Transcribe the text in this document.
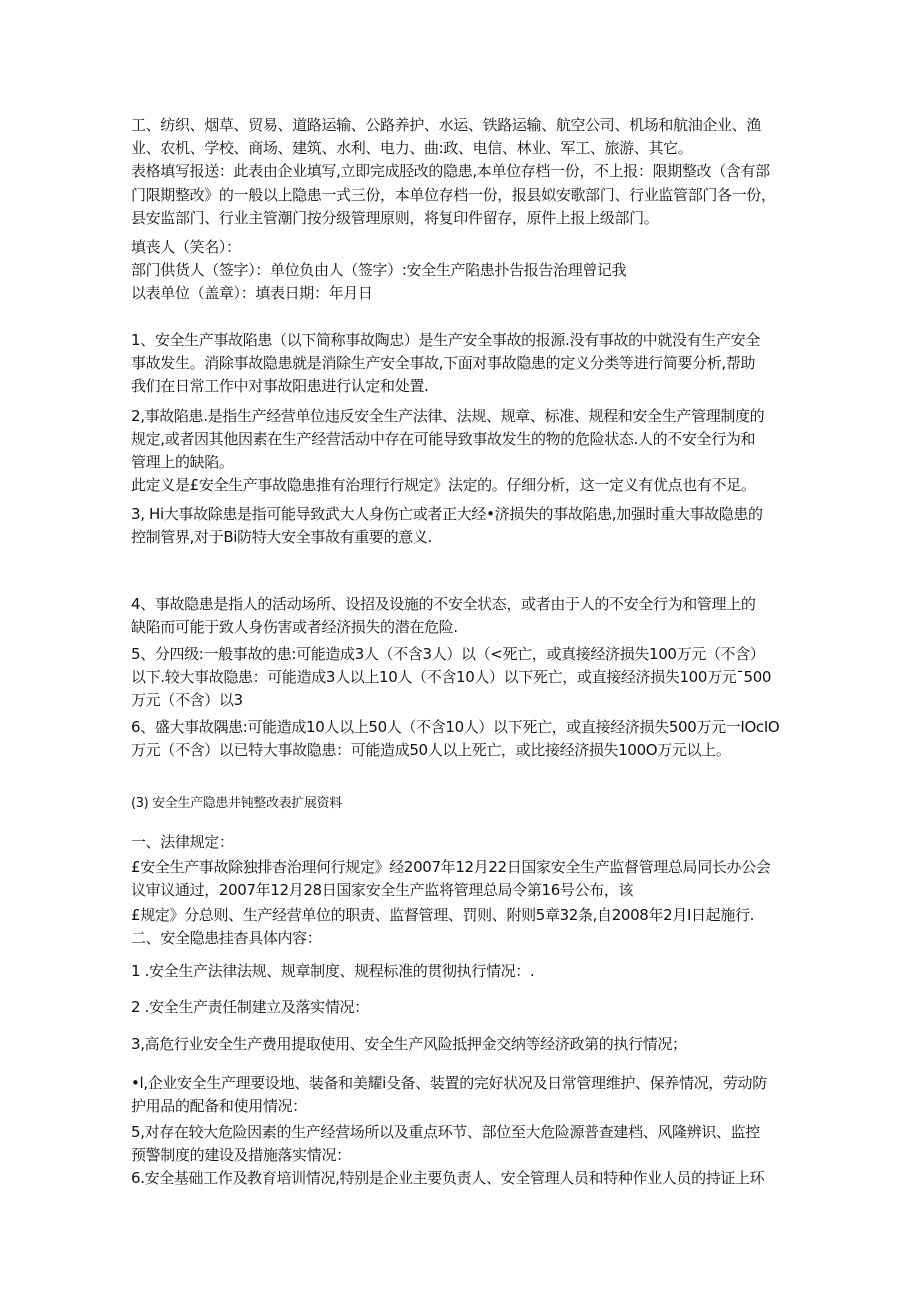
工、纺织、烟草、贸易、道路运输、公路养护、水运、铁路运输、航空公司、机场和航油企业、渔

业、农机、学校、商场、建筑、水利、电力、曲:政、电信、林业、军工、旅游、其它。

表格填写报送：此表由企业填写,立即完成胫改的隐患,本单位存档一份，不上报：限期整改（含有部

门限期整改》的一般以上隐患一式三份，本单位存档一份，报县姒安歌部门、行业监管部门各一份，

县安监部门、行业主管潮门按分级管理原则，将复印件留存，原件上报上级部门。

填丧人（笑名）：

部门供货人（签字）：单位负由人（签字）:安全生产陷患扑告报告治理曾记我

以表单位（盖章）：填表日期：年月日

1、安全生产事故陷患（以下简称事故陶忠）是生产安全事故的报源.没有事故的中就没有生产安全

事故发生。消除事故隐患就是消除生产安全事故,下面对事故隐患的定义分类等进行简要分析,帮助

我们在日常工作中对事故阳患进行认定和处置.

2,事故陷患.是指生产经营单位违反安全生产法律、法规、规章、标准、规程和安全生产管理制度的

规定,或者因其他因素在生产经营活动中存在可能导致事故发生的物的危险状态.人的不安全行为和

管理上的缺陷。

此定义是£安全生产事故隐患推有治理行行规定》法定的。仔细分析，这一定义有优点也有不足。

3, Hi大事故除患是指可能导致武大人身伤亡或者正大经•济损失的事故陷患,加强时重大事故隐患的

控制管界,对于Bi防特大安全事故有重要的意义.

4、事故隐患是指人的活动场所、设招及设施的不安全状态，或者由于人的不安全行为和管理上的

缺陷而可能于致人身伤害或者经济损失的潜在危险.

5、分四级:一般事故的患:可能造成3人（不含3人）以（<死亡，或真接经济损失100万元（不含）

以下.较大事故隐患：可能造成3人以上10人（不含10人）以下死亡，或直接经济损失100万元¯500

万元（不含）以3

6、盛大事故隅患:可能造成10人以上50人（不含10人）以下死亡，或直接经济损失500万元一IOcIO

万元（不含）以已特大事故隐患：可能造成50人以上死亡，或比接经济损失100O万元以上。

(3) 安全生产隐患井钝整改表扩展资料

一、法律规定：

£安全生产事故除独排杳治理何行规定》经2007年12月22日国家安全生产监督管理总局同长办公会

议审议通过，2007年12月28日国家安全生产监将管理总局令第16号公布，该

£规定》分总则、生产经营单位的职责、监督管理、罚则、附则5章32条,自2008年2月I日起施行.

二、安全隐患挂杳具体内容：

1 .安全生产法律法规、规章制度、规程标准的贯彻执行情况：.

2 .安全生产责任制建立及落实情况：

3,高危行业安全生产费用提取使用、安全生产风险抵押金交纳等经济政第的执行情况；

•l,企业安全生产理要设地、装备和美耀i殳备、装置的完好状况及日常管理维护、保养情况，劳动防

护用品的配备和使用情况：

5,对存在较大危险因素的生产经营场所以及重点环节、部位至大危险源普查建档、风隆辨识、监控

预警制度的建设及措施落实情况：

6.安全基础工作及教育培训情况,特别是企业主要负责人、安全管理人员和特种作业人员的持证上环
